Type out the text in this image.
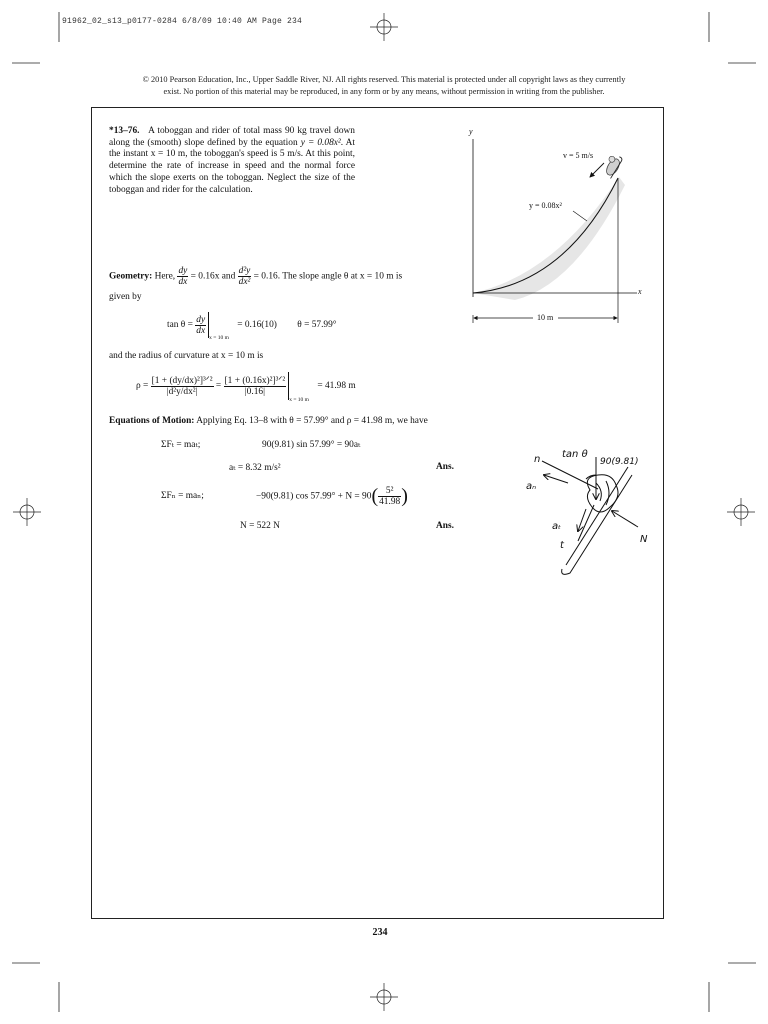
91962_02_s13_p0177-0284 6/8/09 10:40 AM Page 234
© 2010 Pearson Education, Inc., Upper Saddle River, NJ. All rights reserved. This material is protected under all copyright laws as they currently
exist. No portion of this material may be reproduced, in any form or by any means, without permission in writing from the publisher.
*13–76. A toboggan and rider of total mass 90 kg travel down along the (smooth) slope defined by the equation y = 0.08x². At the instant x = 10 m, the toboggan's speed is 5 m/s. At this point, determine the rate of increase in speed and the normal force which the slope exerts on the toboggan. Neglect the size of the toboggan and rider for the calculation.
y
x
v = 5 m/s
y = 0.08x²
10 m
Geometry: Here, $\frac{dy}{dx} = 0.16x$ and $\frac{\text{d²y}}{\text{dx²}} = 0.16$. The slope angle θ at x = 10 m is
given by
$\tan \theta = \frac{dy}{dx}$
$_{x = 10 m}$ = 0.16(10) θ = 57.99°
and the radius of curvature at x = 10 m is
$\rho = \frac{\text{[1 + (dy/dx)²]³ᐟ²}}{\text{|d²y/dx²|}} = \frac{\text{[1 + (0.16x)²]³ᐟ²}}{|0.16|}$
$_{x = 10 m}$ = 41.98 m
Equations of Motion: Applying Eq. 13–8 with θ = 57.99° and ρ = 41.98 m, we have
ΣFₜ = maₜ;	90(9.81) sin 57.99° = 90aₜ
aₜ = 8.32 m/s²	Ans.
ΣFₙ = maₙ;	−90(9.81) $\cos 57.99^\circ + N = 90( \frac{\text{5²}}{41.98}$ )
N = 522 N	Ans.
n tan θ
90(9.81)
aₙ
aₜ
t
N
234
